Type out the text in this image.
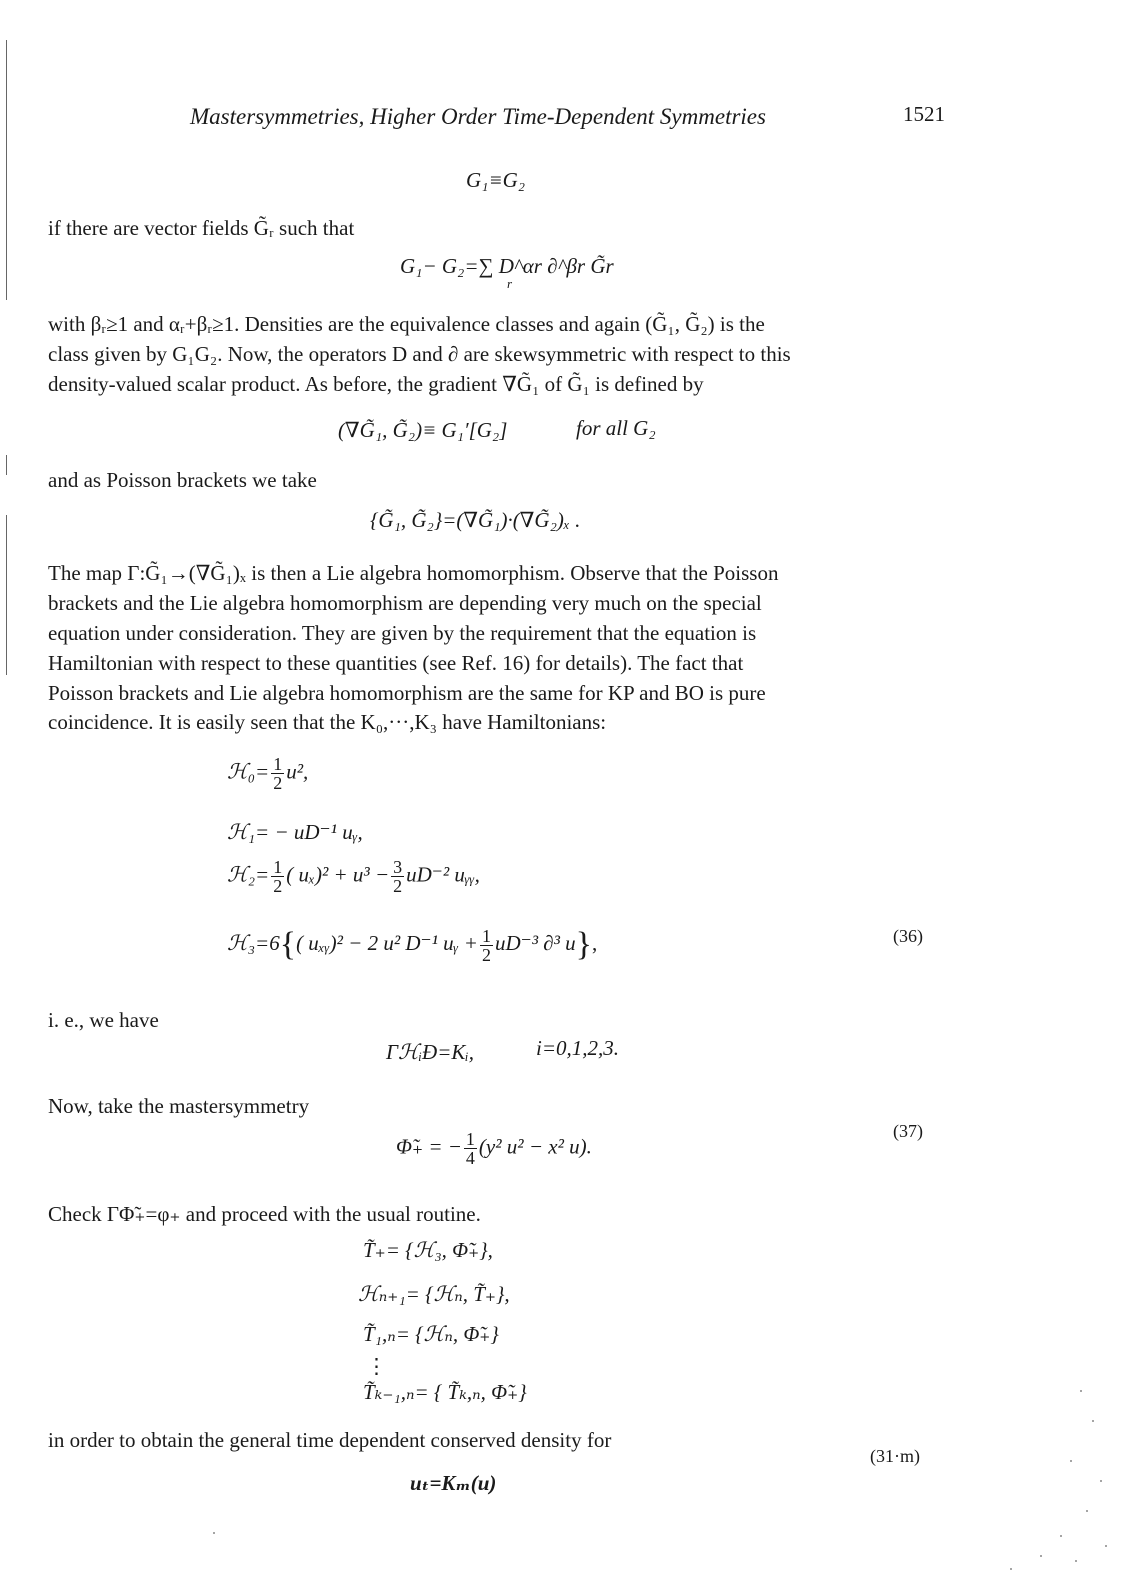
Mastersymmetries, Higher Order Time-Dependent Symmetries	1521
G₁≡G₂
if there are vector fields G̃ᵣ such that
G₁− G₂=∑ D^αr ∂^βr G̃r
r
with βᵣ≥1 and αᵣ+βᵣ≥1. Densities are the equivalence classes and again (G̃₁, G̃₂) is the
class given by G₁G₂. Now, the operators D and ∂ are skewsymmetric with respect to this
density-valued scalar product. As before, the gradient ∇G̃₁ of G̃₁ is defined by
(∇G̃₁, G̃₂)≡ G₁′[G₂]	for all G₂
and as Poisson brackets we take
{G̃₁, G̃₂}=(∇G̃₁)·(∇G̃₂)ₓ .
The map Γ:G̃₁→(∇G̃₁)ₓ is then a Lie algebra homomorphism. Observe that the Poisson
brackets and the Lie algebra homomorphism are depending very much on the special
equation under consideration. They are given by the requirement that the equation is
Hamiltonian with respect to these quantities (see Ref. 16) for details). The fact that
Poisson brackets and Lie algebra homomorphism are the same for KP and BO is pure
coincidence. It is easily seen that the K₀,···,K₃ have Hamiltonians:
ℋ₀= $\frac{1}{2} u^2$,
ℋ₁= − uD⁻¹ uᵧ,
ℋ₂= $\frac{1}{2}$ ( $u_x)^2 + u^3 - \frac{3}{2} uD^{-2}$ uᵧᵧ,
ℋ₃=6{( uₓᵧ)² − 2 u² D⁻¹ uᵧ + $\frac{1}{2} uD^{-3}$ ∂³ u},	(36)
i. e., we have
ΓℋᵢĐ=Kᵢ,	i=0,1,2,3.
Now, take the mastersymmetry
(37)
Φ̃₊ = − $\frac{1}{4} (y^2$ u² − x² u).
Check ΓΦ̃₊=φ₊ and proceed with the usual routine.
T̃₊= {ℋ₃, Φ̃₊},
ℋₙ₊₁= {ℋₙ, T̃₊},
T̃₁,ₙ= {ℋₙ, Φ̃₊}
⋮
T̃ₖ₋₁,ₙ= { T̃ₖ,ₙ, Φ̃₊}
in order to obtain the general time dependent conserved density for
(31·m)
uₜ=Kₘ(u)
